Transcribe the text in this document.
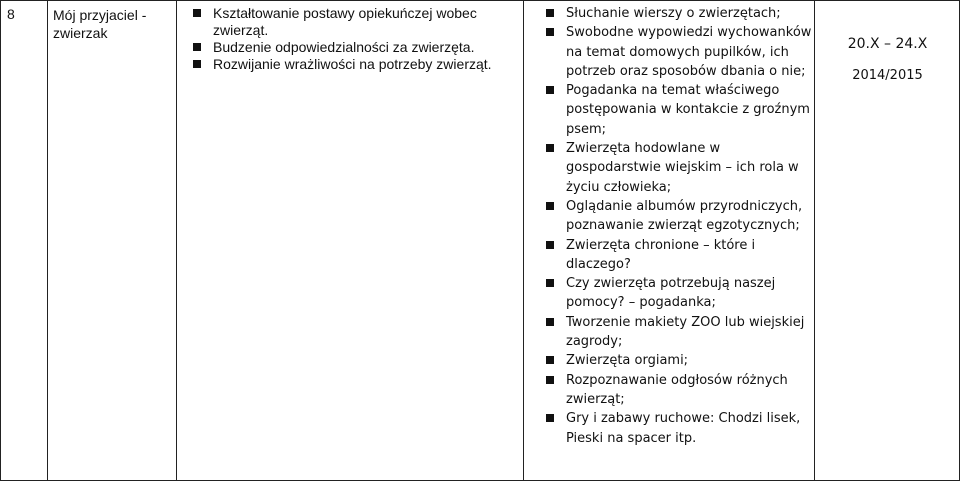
8	Mój przyjaciel - zwierzak
Kształtowanie postawy opiekuńczej wobec zwierząt.
Budzenie odpowiedzialności za zwierzęta.
Rozwijanie wrażliwości na potrzeby zwierząt.
Słuchanie wierszy o zwierzętach;
Swobodne wypowiedzi wychowanków na temat domowych pupilków, ich potrzeb oraz sposobów dbania o nie;
Pogadanka na temat właściwego postępowania w kontakcie z groźnym psem;
Zwierzęta hodowlane w gospodarstwie wiejskim – ich rola w życiu człowieka;
Oglądanie albumów przyrodniczych, poznawanie zwierząt egzotycznych;
Zwierzęta chronione – które i dlaczego?
Czy zwierzęta potrzebują naszej pomocy? – pogadanka;
Tworzenie makiety ZOO lub wiejskiej zagrody;
Zwierzęta orgiami;
Rozpoznawanie odgłosów różnych zwierząt;
Gry i zabawy ruchowe: Chodzi lisek, Pieski na spacer itp.
20.X – 24.X
2014/2015
